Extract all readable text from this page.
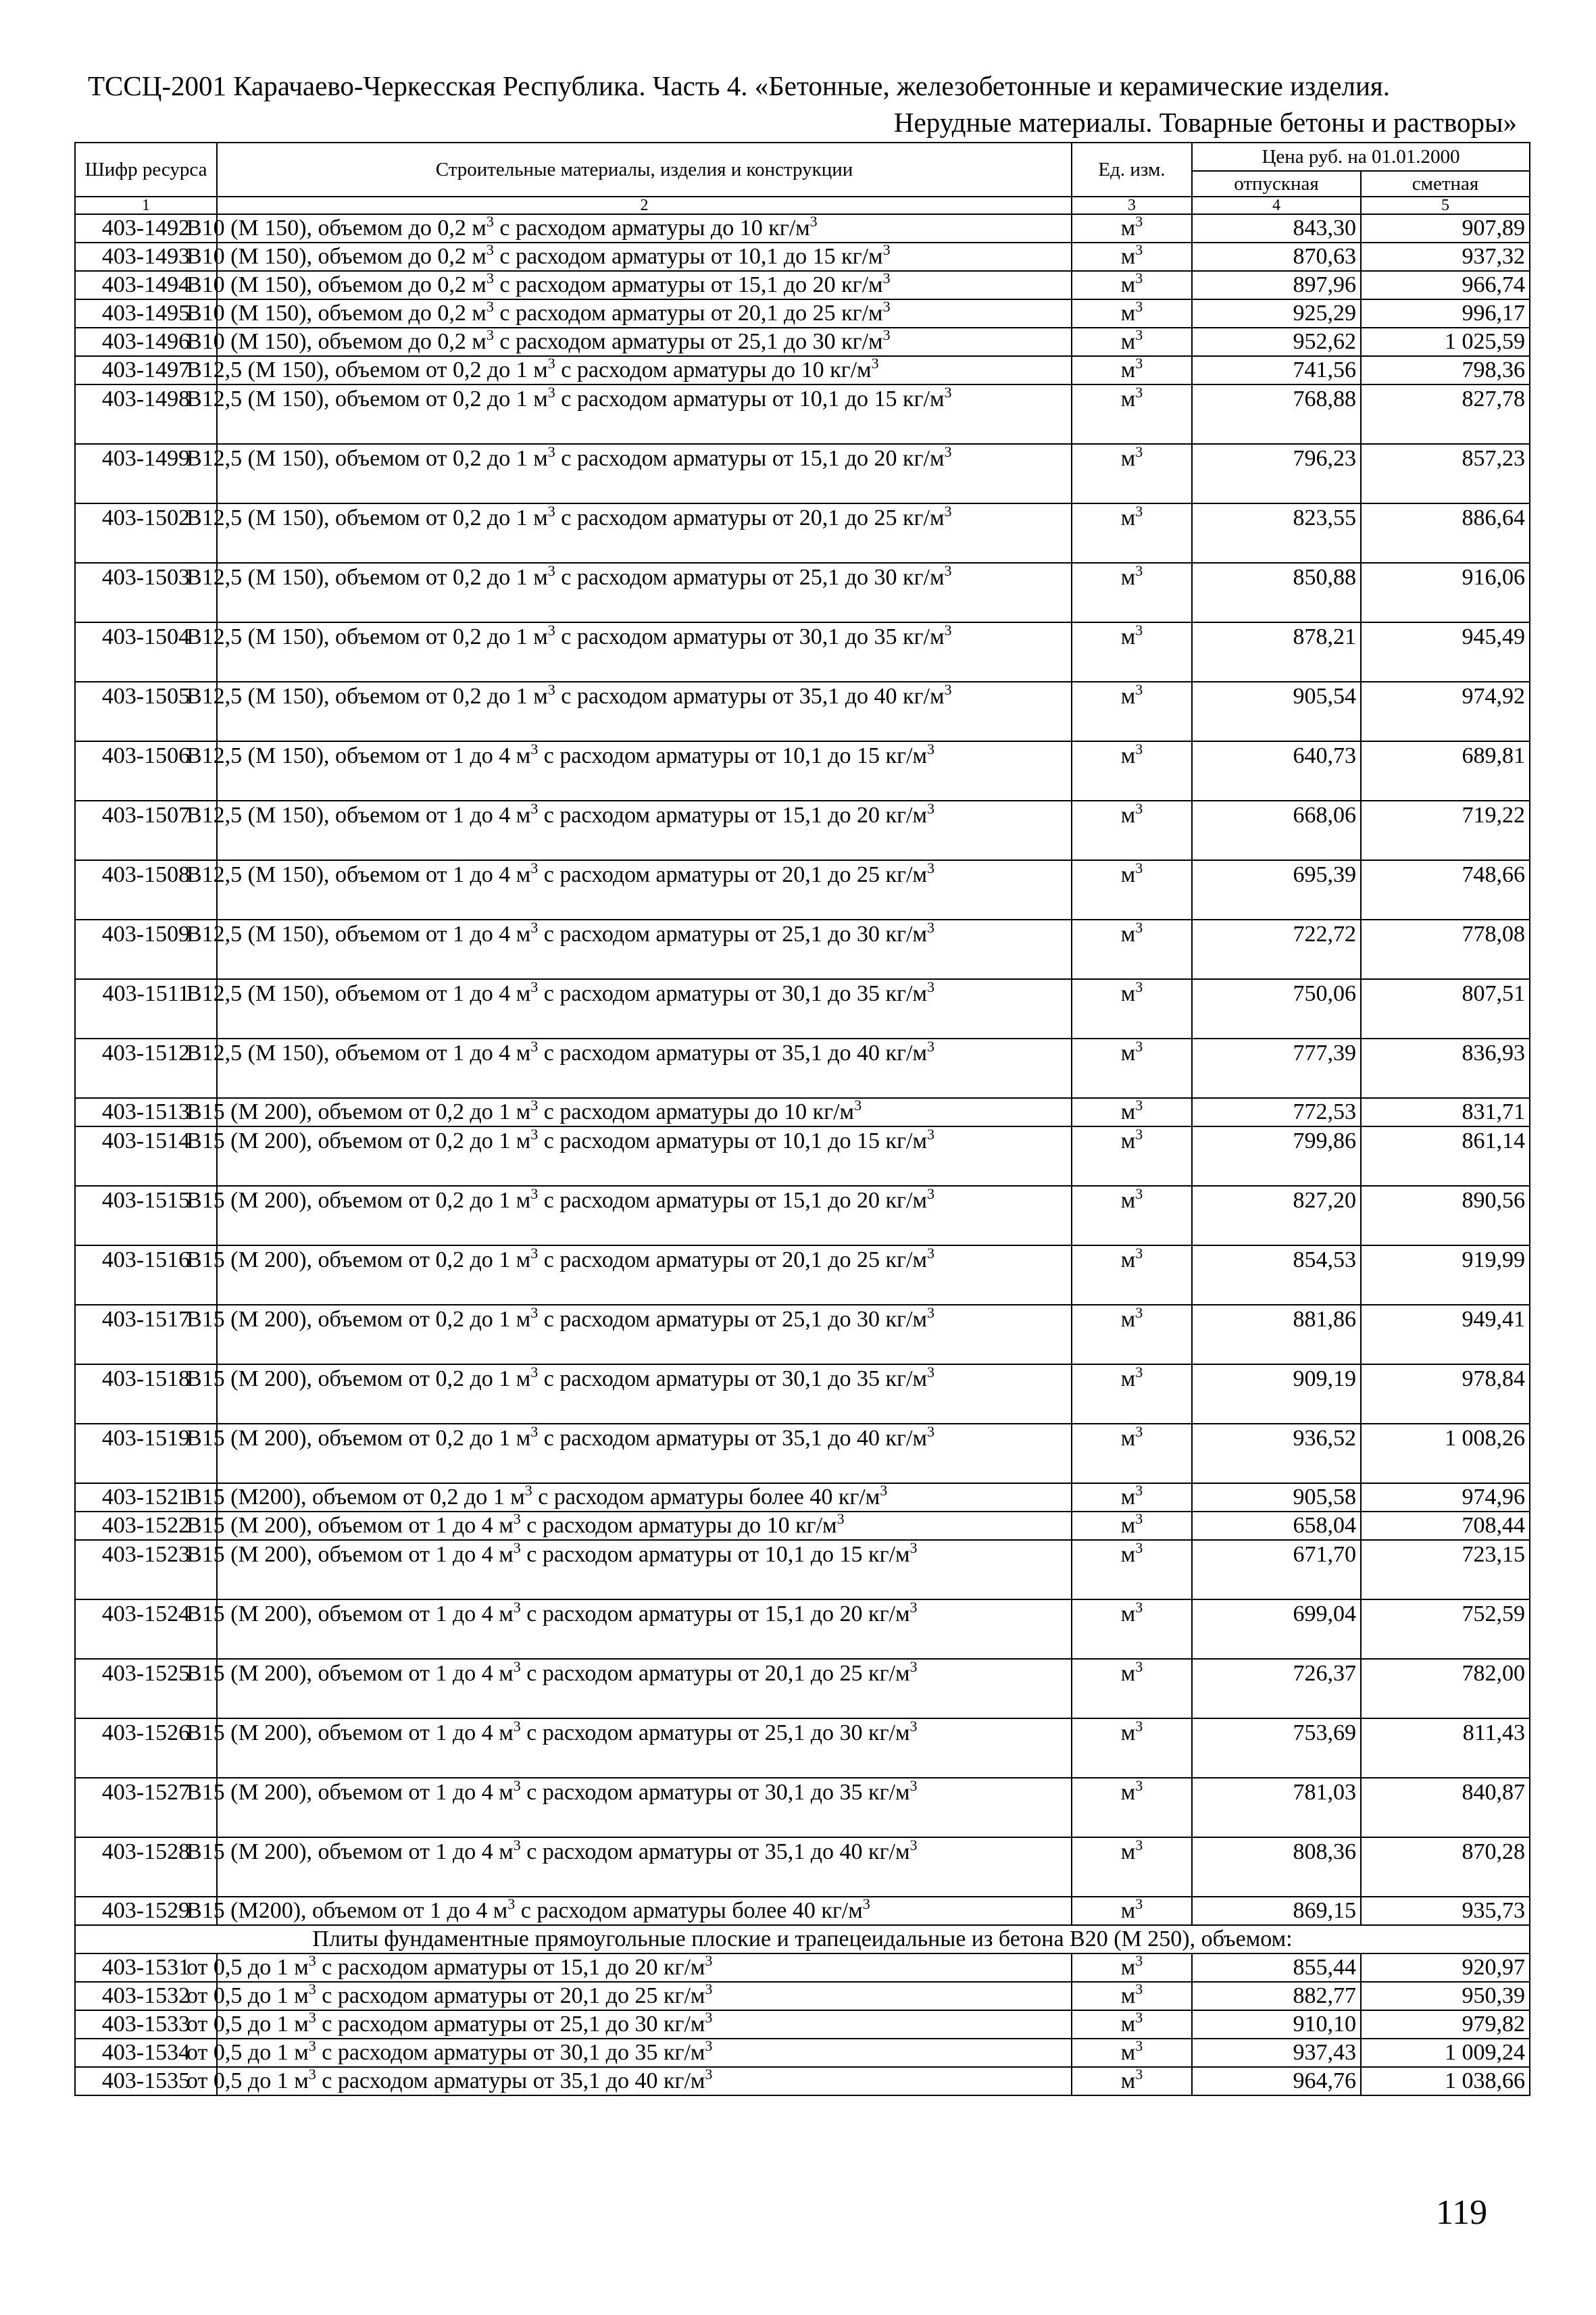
ТССЦ-2001 Карачаево-Черкесская Республика. Часть 4. «Бетонные, железобетонные и керамические изделия.
Нерудные материалы. Товарные бетоны и растворы»
Шифр ресурса	Строительные материалы, изделия и конструкции	Ед. изм.	Цена руб. на 01.01.2000	
			отпускная	сметная
1	2	3	4	5
403-1492	В10 (М 150), объемом до 0,2 $м^3$ с расходом арматуры до 10 $кг/м^3$	$м^3$	843,30	907,89
403-1493	В10 (М 150), объемом до 0,2 $м^3$ с расходом арматуры от 10,1 до 15 $кг/м^3$	$м^3$	870,63	937,32
403-1494	В10 (М 150), объемом до 0,2 $м^3$ с расходом арматуры от 15,1 до 20 $кг/м^3$	$м^3$	897,96	966,74
403-1495	В10 (М 150), объемом до 0,2 $м^3$ с расходом арматуры от 20,1 до 25 $кг/м^3$	$м^3$	925,29	996,17
403-1496	В10 (М 150), объемом до 0,2 $м^3$ с расходом арматуры от 25,1 до 30 $кг/м^3$	$м^3$	952,62	1 025,59
403-1497	В12,5 (М 150), объемом от 0,2 до 1 $м^3$ с расходом арматуры до 10 $кг/м^3$	$м^3$	741,56	798,36
403-1498	В12,5 (М 150), объемом от 0,2 до 1 $м^3$ с расходом арматуры от 10,1 до 15 $кг/м^3$	$м^3$	768,88	827,78
403-1499	В12,5 (М 150), объемом от 0,2 до 1 $м^3$ с расходом арматуры от 15,1 до 20 $кг/м^3$	$м^3$	796,23	857,23
403-1502	В12,5 (М 150), объемом от 0,2 до 1 $м^3$ с расходом арматуры от 20,1 до 25 $кг/м^3$	$м^3$	823,55	886,64
403-1503	В12,5 (М 150), объемом от 0,2 до 1 $м^3$ с расходом арматуры от 25,1 до 30 $кг/м^3$	$м^3$	850,88	916,06
403-1504	В12,5 (М 150), объемом от 0,2 до 1 $м^3$ с расходом арматуры от 30,1 до 35 $кг/м^3$	$м^3$	878,21	945,49
403-1505	В12,5 (М 150), объемом от 0,2 до 1 $м^3$ с расходом арматуры от 35,1 до 40 $кг/м^3$	$м^3$	905,54	974,92
403-1506	В12,5 (М 150), объемом от 1 до 4 $м^3$ с расходом арматуры от 10,1 до 15 $кг/м^3$	$м^3$	640,73	689,81
403-1507	В12,5 (М 150), объемом от 1 до 4 $м^3$ с расходом арматуры от 15,1 до 20 $кг/м^3$	$м^3$	668,06	719,22
403-1508	В12,5 (М 150), объемом от 1 до 4 $м^3$ с расходом арматуры от 20,1 до 25 $кг/м^3$	$м^3$	695,39	748,66
403-1509	В12,5 (М 150), объемом от 1 до 4 $м^3$ с расходом арматуры от 25,1 до 30 $кг/м^3$	$м^3$	722,72	778,08
403-1511	В12,5 (М 150), объемом от 1 до 4 $м^3$ с расходом арматуры от 30,1 до 35 $кг/м^3$	$м^3$	750,06	807,51
403-1512	В12,5 (М 150), объемом от 1 до 4 $м^3$ с расходом арматуры от 35,1 до 40 $кг/м^3$	$м^3$	777,39	836,93
403-1513	В15 (М 200), объемом от 0,2 до 1 $м^3$ с расходом арматуры до 10 $кг/м^3$	$м^3$	772,53	831,71
403-1514	В15 (М 200), объемом от 0,2 до 1 $м^3$ с расходом арматуры от 10,1 до 15 $кг/м^3$	$м^3$	799,86	861,14
403-1515	В15 (М 200), объемом от 0,2 до 1 $м^3$ с расходом арматуры от 15,1 до 20 $кг/м^3$	$м^3$	827,20	890,56
403-1516	В15 (М 200), объемом от 0,2 до 1 $м^3$ с расходом арматуры от 20,1 до 25 $кг/м^3$	$м^3$	854,53	919,99
403-1517	В15 (М 200), объемом от 0,2 до 1 $м^3$ с расходом арматуры от 25,1 до 30 $кг/м^3$	$м^3$	881,86	949,41
403-1518	В15 (М 200), объемом от 0,2 до 1 $м^3$ с расходом арматуры от 30,1 до 35 $кг/м^3$	$м^3$	909,19	978,84
403-1519	В15 (М 200), объемом от 0,2 до 1 $м^3$ с расходом арматуры от 35,1 до 40 $кг/м^3$	$м^3$	936,52	1 008,26
403-1521	В15 (М200), объемом от 0,2 до 1 $м^3$ с расходом арматуры более 40 $кг/м^3$	$м^3$	905,58	974,96
403-1522	В15 (М 200), объемом от 1 до 4 $м^3$ с расходом арматуры до 10 $кг/м^3$	$м^3$	658,04	708,44
403-1523	В15 (М 200), объемом от 1 до 4 $м^3$ с расходом арматуры от 10,1 до 15 $кг/м^3$	$м^3$	671,70	723,15
403-1524	В15 (М 200), объемом от 1 до 4 $м^3$ с расходом арматуры от 15,1 до 20 $кг/м^3$	$м^3$	699,04	752,59
403-1525	В15 (М 200), объемом от 1 до 4 $м^3$ с расходом арматуры от 20,1 до 25 $кг/м^3$	$м^3$	726,37	782,00
403-1526	В15 (М 200), объемом от 1 до 4 $м^3$ с расходом арматуры от 25,1 до 30 $кг/м^3$	$м^3$	753,69	811,43
403-1527	В15 (М 200), объемом от 1 до 4 $м^3$ с расходом арматуры от 30,1 до 35 $кг/м^3$	$м^3$	781,03	840,87
403-1528	В15 (М 200), объемом от 1 до 4 $м^3$ с расходом арматуры от 35,1 до 40 $кг/м^3$	$м^3$	808,36	870,28
403-1529	В15 (М200), объемом от 1 до 4 $м^3$ с расходом арматуры более 40 $кг/м^3$	$м^3$	869,15	935,73
Плиты фундаментные прямоугольные плоские и трапецеидальные из бетона В20 (М 250), объемом:				
403-1531	от 0,5 до 1 $м^3$ с расходом арматуры от 15,1 до 20 $кг/м^3$	$м^3$	855,44	920,97
403-1532	от 0,5 до 1 $м^3$ с расходом арматуры от 20,1 до 25 $кг/м^3$	$м^3$	882,77	950,39
403-1533	от 0,5 до 1 $м^3$ с расходом арматуры от 25,1 до 30 $кг/м^3$	$м^3$	910,10	979,82
403-1534	от 0,5 до 1 $м^3$ с расходом арматуры от 30,1 до 35 $кг/м^3$	$м^3$	937,43	1 009,24
403-1535	от 0,5 до 1 $м^3$ с расходом арматуры от 35,1 до 40 $кг/м^3$	$м^3$	964,76	1 038,66
119
